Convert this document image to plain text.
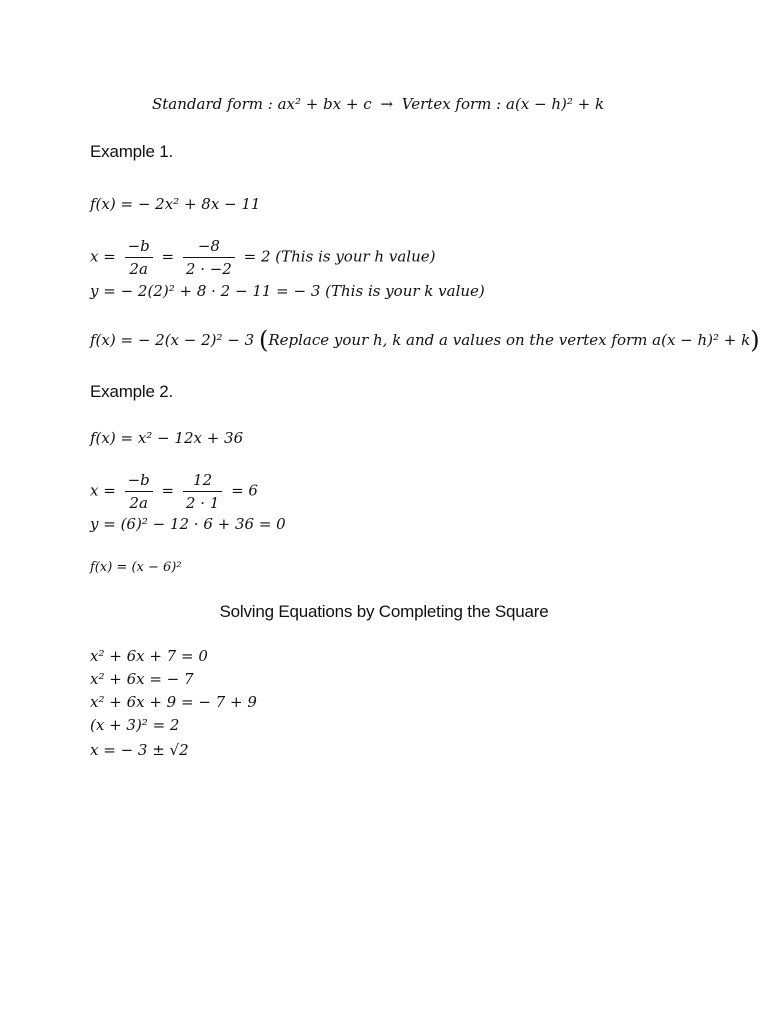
Standard form : ax² + bx + c → Vertex form : a(x − h)² + k
Example 1.
f(x) = − 2x² + 8x − 11
$x = \frac{-b}{2a} = \frac{-8}{2 \cdot -2} = 2$ (This is your h value)
y = − 2(2)² + 8 · 2 − 11 = − 3 (This is your k value)
f(x) = − 2(x − 2)² − 3 (Replace your h, k and a values on the vertex form a(x − h)² + k)
Example 2.
f(x) = x² − 12x + 36
$x = \frac{-b}{2a} = \frac{12}{2 \cdot 1} = 6$
y = (6)² − 12 · 6 + 36 = 0
f(x) = (x − 6)²
Solving Equations by Completing the Square
x² + 6x + 7 = 0
x² + 6x = − 7
x² + 6x + 9 = − 7 + 9
(x + 3)² = 2
x = − 3 ± √2
